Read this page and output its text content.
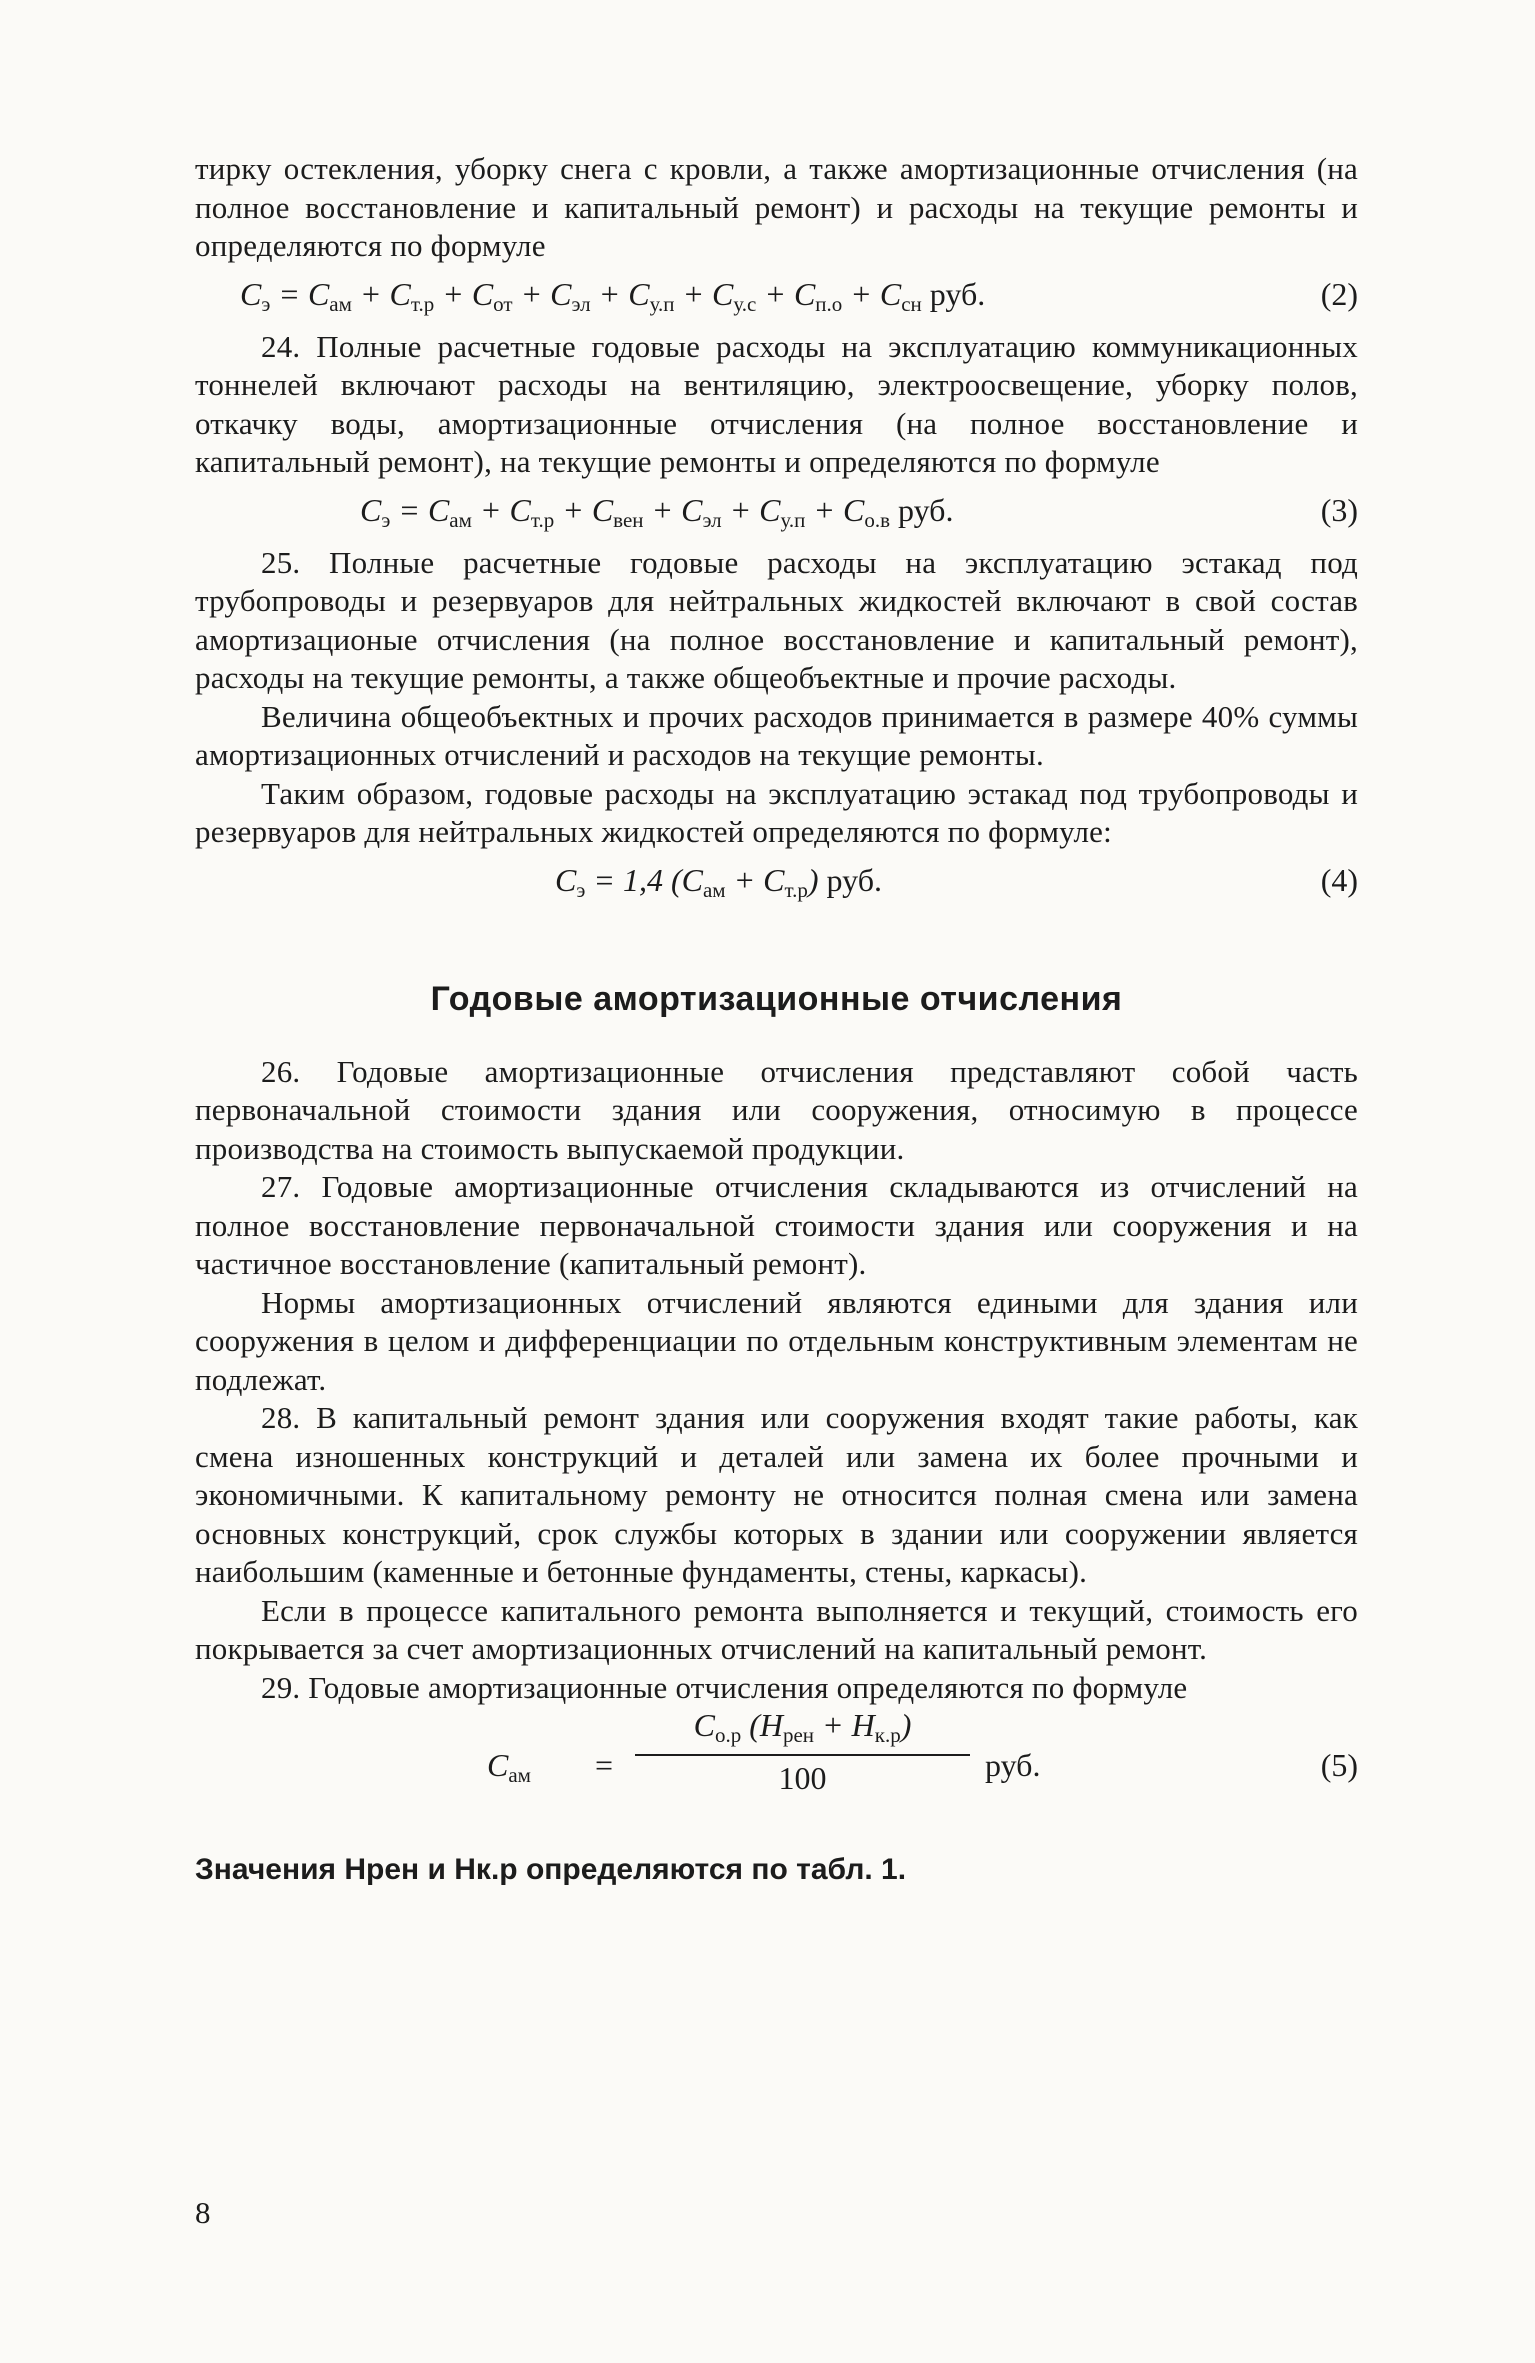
тирку остекления, уборку снега с кровли, а также амортизационные отчисления (на полное восстановление и капитальный ремонт) и расходы на текущие ремонты и определяются по формуле

$C_э = C_{ам} + C_{т.р} + C_{от} + C_{эл} + C_{у.п} + C_{у.с} + C_{п.о} + C_{сн}$ руб.	(2)

24. Полные расчетные годовые расходы на эксплуатацию коммуникационных тоннелей включают расходы на вентиляцию, электроосвещение, уборку полов, откачку воды, амортизационные отчисления (на полное восстановление и капитальный ремонт), на текущие ремонты и определяются по формуле

$C_э = C_{ам} + C_{т.р} + C_{вен} + C_{эл} + C_{у.п} + C_{о.в}$ руб.	(3)

25. Полные расчетные годовые расходы на эксплуатацию эстакад под трубопроводы и резервуаров для нейтральных жидкостей включают в свой состав амортизационые отчисления (на полное восстановление и капитальный ремонт), расходы на текущие ремонты, а также общеобъектные и прочие расходы.

Величина общеобъектных и прочих расходов принимается в размере 40% суммы амортизационных отчислений и расходов на текущие ремонты.

Таким образом, годовые расходы на эксплуатацию эстакад под трубопроводы и резервуаров для нейтральных жидкостей определяются по формуле:

$C_э = 1,4$ $(C_{ам} + C_{т.р})$ руб.	(4)
Годовые амортизационные отчисления

26. Годовые амортизационные отчисления представляют собой часть первоначальной стоимости здания или сооружения, относимую в процессе производства на стоимость выпускаемой продукции.

27. Годовые амортизационные отчисления складываются из отчислений на полное восстановление первоначальной стоимости здания или сооружения и на частичное восстановление (капитальный ремонт).

Нормы амортизационных отчислений являются едиными для здания или сооружения в целом и дифференциации по отдельным конструктивным элементам не подлежат.

28. В капитальный ремонт здания или сооружения входят такие работы, как смена изношенных конструкций и деталей или замена их более прочными и экономичными. К капитальному ремонту не относится полная смена или замена основных конструкций, срок службы которых в здании или сооружении является наибольшим (каменные и бетонные фундаменты, стены, каркасы).

Если в процессе капитального ремонта выполняется и текущий, стоимость его покрывается за счет амортизационных отчислений на капитальный ремонт.

29. Годовые амортизационные отчисления определяются по формуле

$C_{ам}$ =
$C_{о.р}$ $(H_{рен} + H_{к.р})$
100	руб.	(5)
Значения Hрен и Hк.р определяются по табл. 1.
8
